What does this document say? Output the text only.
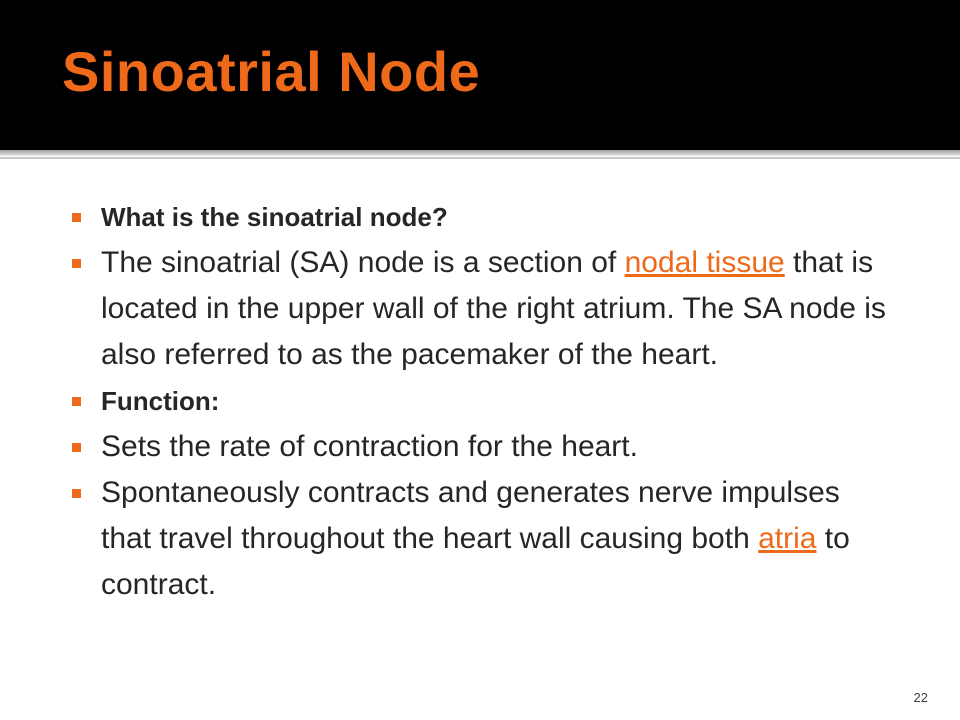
Sinoatrial Node
What is the sinoatrial node?
The sinoatrial (SA) node is a section of nodal tissue that is located in the upper wall of the right atrium. The SA node is also referred to as the pacemaker of the heart.
Function:
Sets the rate of contraction for the heart.
Spontaneously contracts and generates nerve impulses that travel throughout the heart wall causing both atria to contract.
22
